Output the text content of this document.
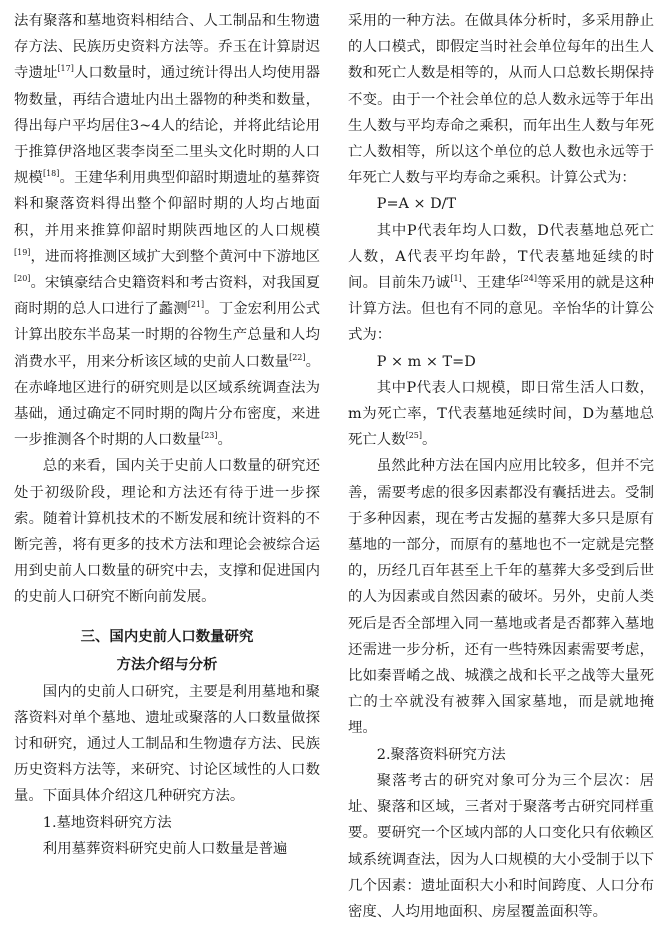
法有聚落和墓地资料相结合、人工制品和生物遗存方法、民族历史资料方法等。乔玉在计算尉迟寺遗址[17]人口数量时，通过统计得出人均使用器物数量，再结合遗址内出土器物的种类和数量，得出每户平均居住3~4人的结论，并将此结论用于推算伊洛地区裴李岗至二里头文化时期的人口规模[18]。王建华利用典型仰韶时期遗址的墓葬资料和聚落资料得出整个仰韶时期的人均占地面积，并用来推算仰韶时期陕西地区的人口规模[19]，进而将推测区域扩大到整个黄河中下游地区[20]。宋镇豪结合史籍资料和考古资料，对我国夏商时期的总人口进行了蠡测[21]。丁金宏利用公式计算出胶东半岛某一时期的谷物生产总量和人均消费水平，用来分析该区域的史前人口数量[22]。在赤峰地区进行的研究则是以区域系统调查法为基础，通过确定不同时期的陶片分布密度，来进一步推测各个时期的人口数量[23]。

总的来看，国内关于史前人口数量的研究还处于初级阶段，理论和方法还有待于进一步探索。随着计算机技术的不断发展和统计资料的不断完善，将有更多的技术方法和理论会被综合运用到史前人口数量的研究中去，支撑和促进国内的史前人口研究不断向前发展。

三、国内史前人口数量研究
方法介绍与分析

国内的史前人口研究，主要是利用墓地和聚落资料对单个墓地、遗址或聚落的人口数量做探讨和研究，通过人工制品和生物遗存方法、民族历史资料方法等，来研究、讨论区域性的人口数量。下面具体介绍这几种研究方法。

1.墓地资料研究方法

利用墓葬资料研究史前人口数量是普遍

采用的一种方法。在做具体分析时，多采用静止的人口模式，即假定当时社会单位每年的出生人数和死亡人数是相等的，从而人口总数长期保持不变。由于一个社会单位的总人数永远等于年出生人数与平均寿命之乘积，而年出生人数与年死亡人数相等，所以这个单位的总人数也永远等于年死亡人数与平均寿命之乘积。计算公式为：

P=A × D/T

其中P代表年均人口数，D代表墓地总死亡人数，A代表平均年龄，T代表墓地延续的时间。目前朱乃诚[1]、王建华[24]等采用的就是这种计算方法。但也有不同的意见。辛怡华的计算公式为：

P × m × T=D

其中P代表人口规模，即日常生活人口数，m为死亡率，T代表墓地延续时间，D为墓地总死亡人数[25]。

虽然此种方法在国内应用比较多，但并不完善，需要考虑的很多因素都没有囊括进去。受制于多种因素，现在考古发掘的墓葬大多只是原有墓地的一部分，而原有的墓地也不一定就是完整的，历经几百年甚至上千年的墓葬大多受到后世的人为因素或自然因素的破坏。另外，史前人类死后是否全部埋入同一墓地或者是否都葬入墓地还需进一步分析，还有一些特殊因素需要考虑，比如秦晋崤之战、城濮之战和长平之战等大量死亡的士卒就没有被葬入国家墓地，而是就地掩埋。

2.聚落资料研究方法

聚落考古的研究对象可分为三个层次：居址、聚落和区域，三者对于聚落考古研究同样重要。要研究一个区域内部的人口变化只有依赖区域系统调查法，因为人口规模的大小受制于以下几个因素：遗址面积大小和时间跨度、人口分布密度、人均用地面积、房屋覆盖面积等。
